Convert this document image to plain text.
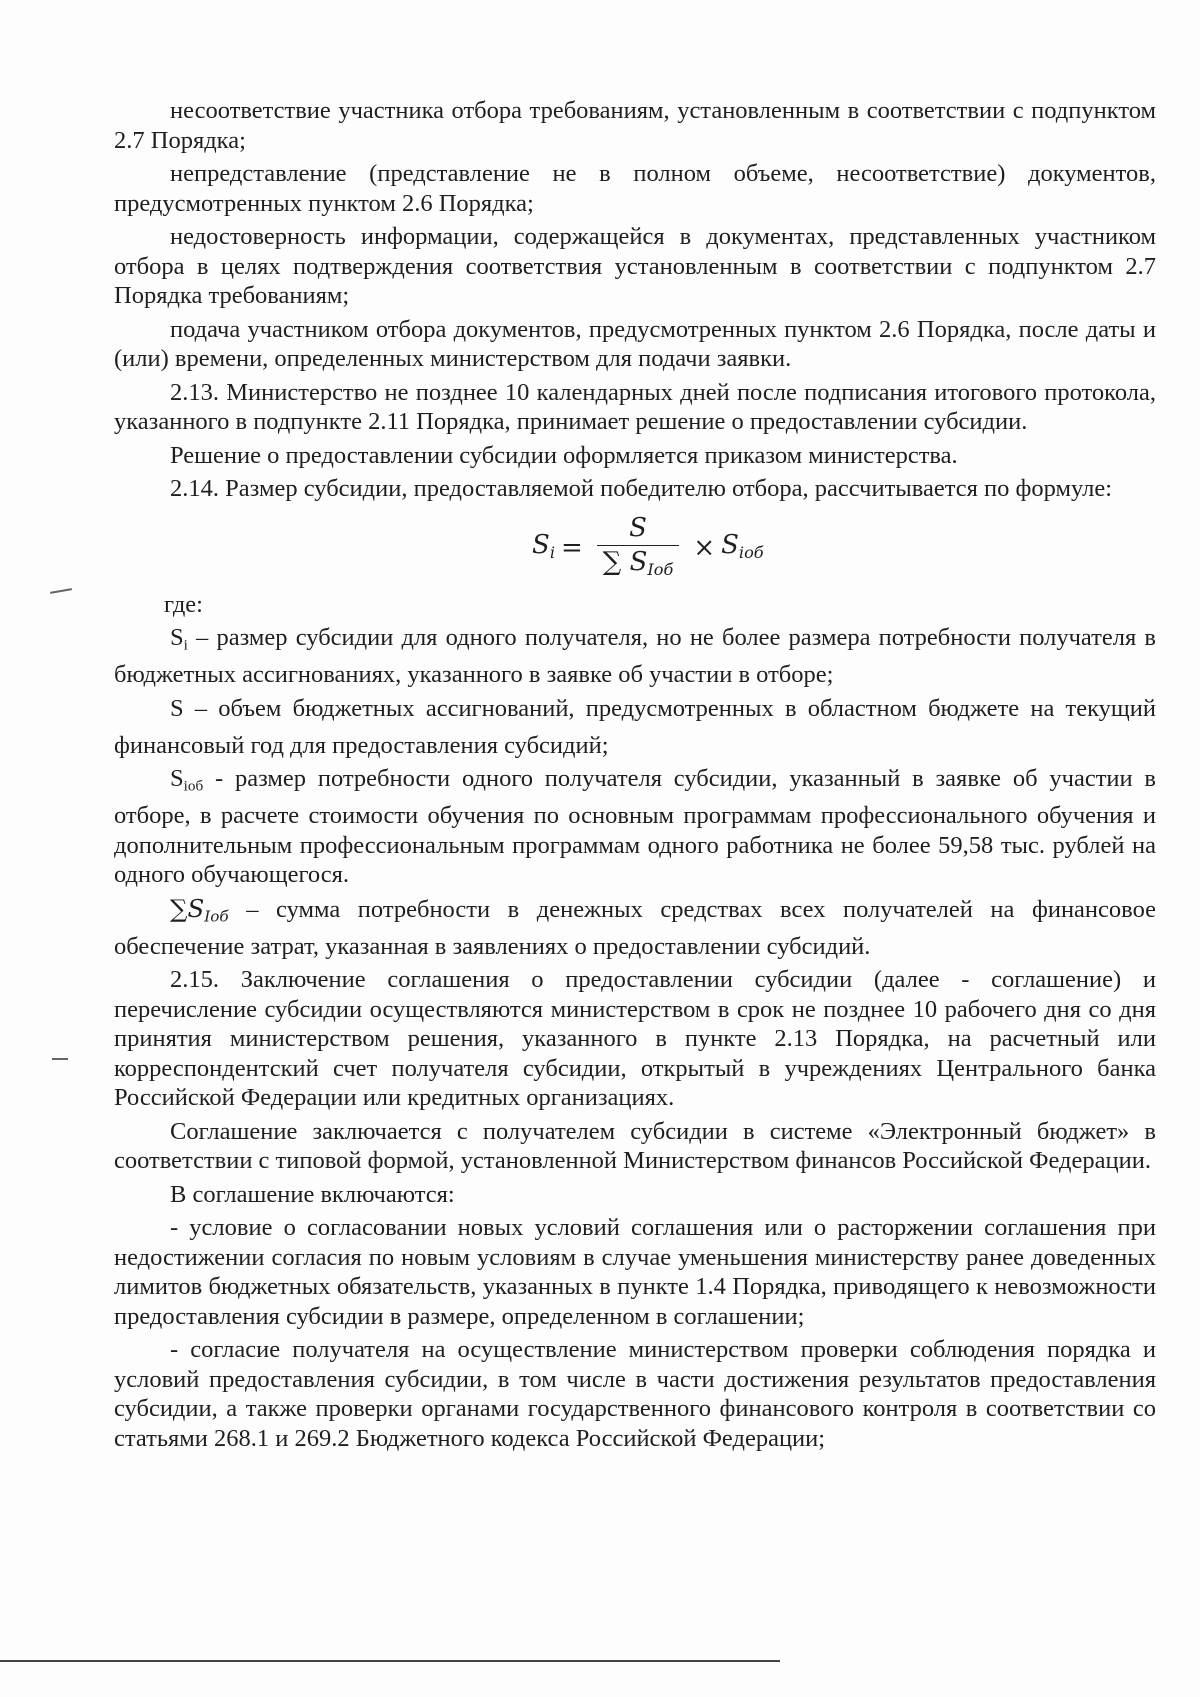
несоответствие участника отбора требованиям, установленным в соответствии с подпунктом 2.7 Порядка;

непредставление (представление не в полном объеме, несоответствие) документов, предусмотренных пунктом 2.6 Порядка;

недостоверность информации, содержащейся в документах, представленных участником отбора в целях подтверждения соответствия установленным в соответствии с подпунктом 2.7 Порядка требованиям;

подача участником отбора документов, предусмотренных пунктом 2.6 Порядка, после даты и (или) времени, определенных министерством для подачи заявки.

2.13. Министерство не позднее 10 календарных дней после подписания итогового протокола, указанного в подпункте 2.11 Порядка, принимает решение о предоставлении субсидии.

Решение о предоставлении субсидии оформляется приказом министерства.

2.14. Размер субсидии, предоставляемой победителю отбора, рассчитывается по формуле:

$S_i = \frac{S}{\sum S_{Iоб}} \times S_{iоб}$

где:

$S_i$ – размер субсидии для одного получателя, но не более размера потребности получателя в бюджетных ассигнованиях, указанного в заявке об участии в отборе;

S – объем бюджетных ассигнований, предусмотренных в областном бюджете на текущий финансовый год для предоставления субсидий;

$S_{iоб}$ - размер потребности одного получателя субсидии, указанный в заявке об участии в отборе, в расчете стоимости обучения по основным программам профессионального обучения и дополнительным профессиональным программам одного работника не более 59,58 тыс. рублей на одного обучающегося.

$\sum S_{Iоб}$ – сумма потребности в денежных средствах всех получателей на финансовое обеспечение затрат, указанная в заявлениях о предоставлении субсидий.

2.15. Заключение соглашения о предоставлении субсидии (далее - соглашение) и перечисление субсидии осуществляются министерством в срок не позднее 10 рабочего дня со дня принятия министерством решения, указанного в пункте 2.13 Порядка, на расчетный или корреспондентский счет получателя субсидии, открытый в учреждениях Центрального банка Российской Федерации или кредитных организациях.

Соглашение заключается с получателем субсидии в системе «Электронный бюджет» в соответствии с типовой формой, установленной Министерством финансов Российской Федерации.

В соглашение включаются:

- условие о согласовании новых условий соглашения или о расторжении соглашения при недостижении согласия по новым условиям в случае уменьшения министерству ранее доведенных лимитов бюджетных обязательств, указанных в пункте 1.4 Порядка, приводящего к невозможности предоставления субсидии в размере, определенном в соглашении;

- согласие получателя на осуществление министерством проверки соблюдения порядка и условий предоставления субсидии, в том числе в части достижения результатов предоставления субсидии, а также проверки органами государственного финансового контроля в соответствии со статьями 268.1 и 269.2 Бюджетного кодекса Российской Федерации;
